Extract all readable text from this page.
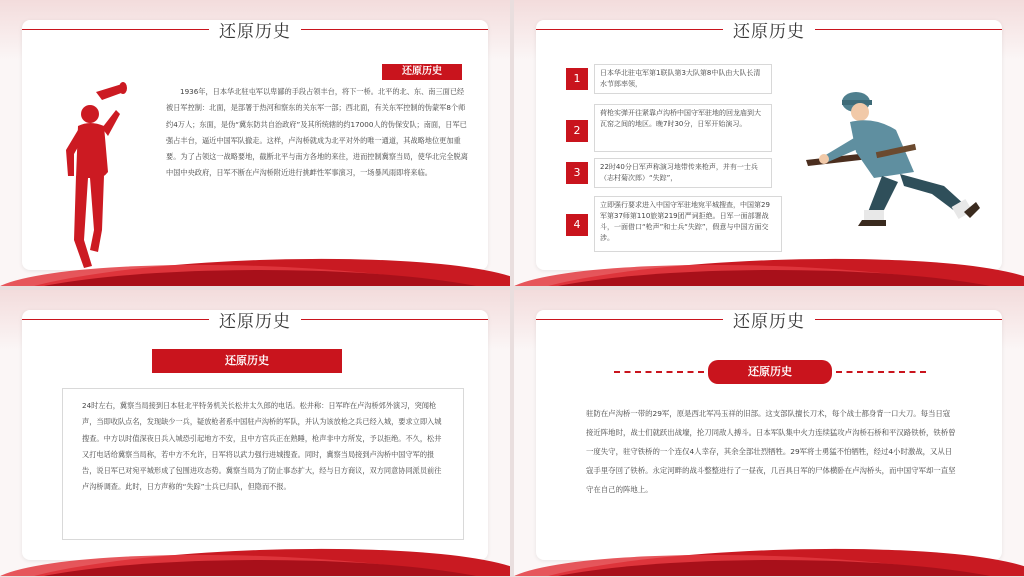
还原历史
还原历史
1936年，日本华北驻屯军以卑鄙的手段占领丰台，将下一桥。北平的北、东、南三面已经被日军控制：北面，是部署于热河和察东的关东军一部；西北面，有关东军控制的伪蒙军8个师约4万人；东面，是伪“冀东防共自治政府”及其所统辖的约17000人的伪保安队；南面，日军已强占丰台，逼近中国军队撤走。这样，卢沟桥就成为北平对外的唯一通道，其战略地位更加重要。为了占领这一战略要地，截断北平与南方各地的来往，进而控制冀察当局，使华北完全脱离中国中央政府，日军不断在卢沟桥附近进行挑衅性军事演习，一场暴风雨即将来临。
还原历史
1	日本华北驻屯军第1联队第3大队第8中队由大队长清水节郎率领，
2
荷枪实弹开往紧靠卢沟桥中国守军驻地的回龙庙到大瓦窑之间的地区。晚7时30分，日军开始演习。
3	22时40分日军声称演习地带传来枪声，并有一士兵（志村菊次郎）“失踪”，
4
立即强行要求进入中国守军驻地宛平城搜查，中国第29军第37师第110旅第219团严词拒绝。日军一面部署战斗，一面借口“枪声”和士兵“失踪”，假意与中国方面交涉。
还原历史
还原历史
24时左右，冀察当局接到日本驻北平特务机关长松井太久郎的电话。松井称：日军昨在卢沟桥郊外演习，突闻枪声，当即收队点名，发现缺少一兵，疑放枪者系中国驻卢沟桥的军队，并认为该放枪之兵已经入城，要求立即入城搜查。中方以时值深夜日兵入城恐引起地方不安，且中方官兵正在熟睡，枪声非中方所发，予以拒绝。不久，松井又打电话给冀察当局称，若中方不允许，日军将以武力强行进城搜查。同时，冀察当局接到卢沟桥中国守军的报告，说日军已对宛平城形成了包围进攻态势。冀察当局为了防止事态扩大，经与日方商议，双方同意协同派员前往卢沟桥调查。此时，日方声称的“失踪”士兵已归队，但隐而不报。
还原历史
还原历史
驻防在卢沟桥一带的29军，原是西北军冯玉祥的旧部。这支部队擅长刀术，每个战士都身背一口大刀。每当日寇接近阵地时，战士们就跃出战壕，抡刀同敌人搏斗。日本军队集中火力连续猛攻卢沟桥石桥和平汉路铁桥，铁桥曾一度失守，驻守铁桥的一个连仅4人幸存，其余全部壮烈牺牲。29军将士勇猛不怕牺牲，经过4小时激战，又从日寇手里夺回了铁桥。永定河畔的战斗整整进行了一昼夜，几百具日军的尸体横卧在卢沟桥头，而中国守军却一直坚守在自己的阵地上。
